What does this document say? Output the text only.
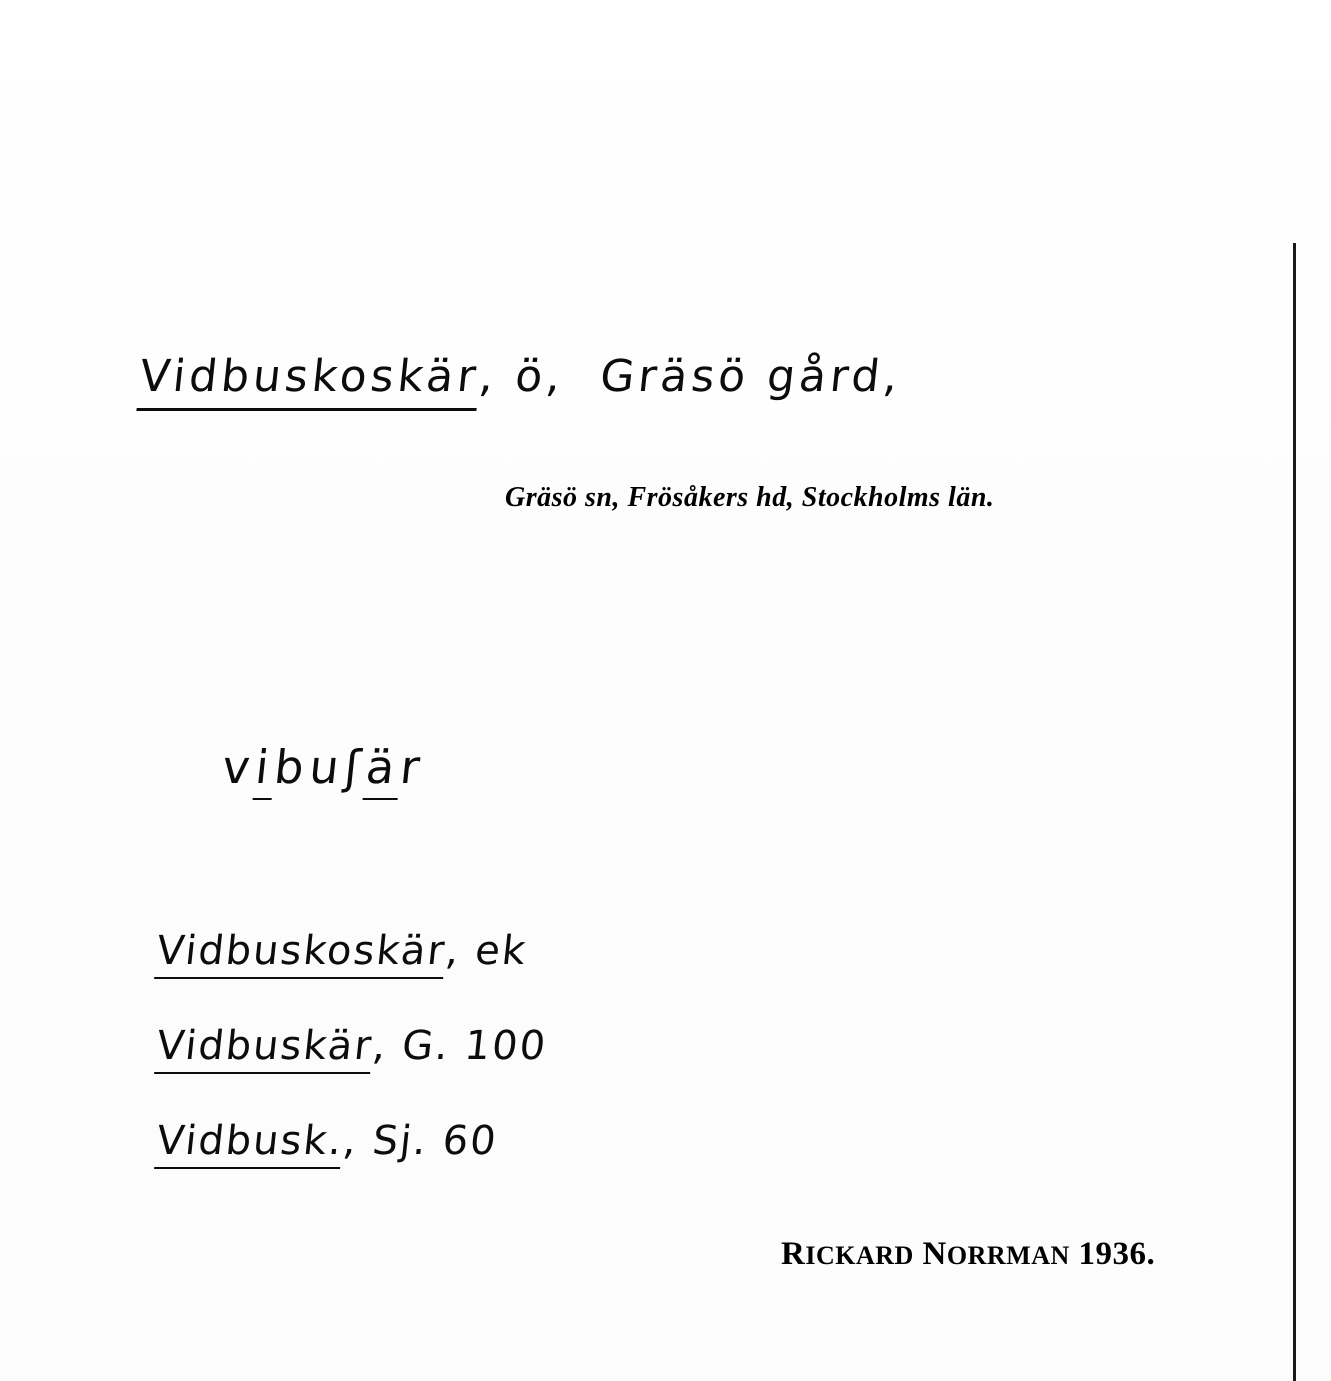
Vidbuskoskär, ö,  Gräsö gård,

Gräsö sn, Frösåkers hd, Stockholms län.

vibuʃär

Vidbuskoskär, ek

Vidbuskär, G. 100

Vidbusk., Sj. 60

RICKARD NORRMAN 1936.
